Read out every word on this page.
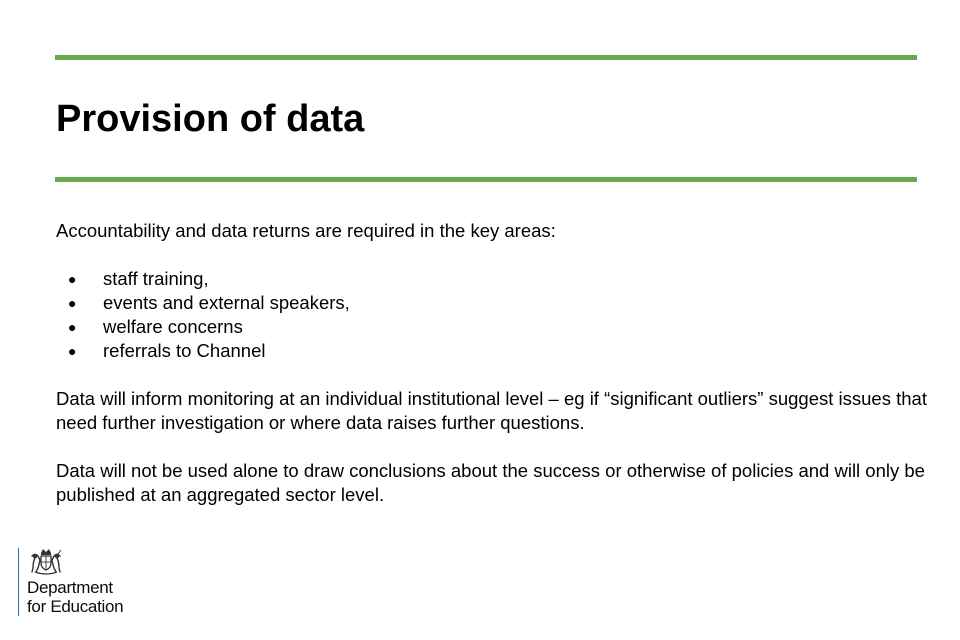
Provision of data

Accountability and data returns are required in the key areas:

● staff training,
● events and external speakers,
● welfare concerns
● referrals to Channel

Data will inform monitoring at an individual institutional level – eg if “significant outliers” suggest issues that need further investigation or where data raises further questions.

Data will not be used alone to draw conclusions about the success or otherwise of policies and will only be published at an aggregated sector level.

Department
for Education
